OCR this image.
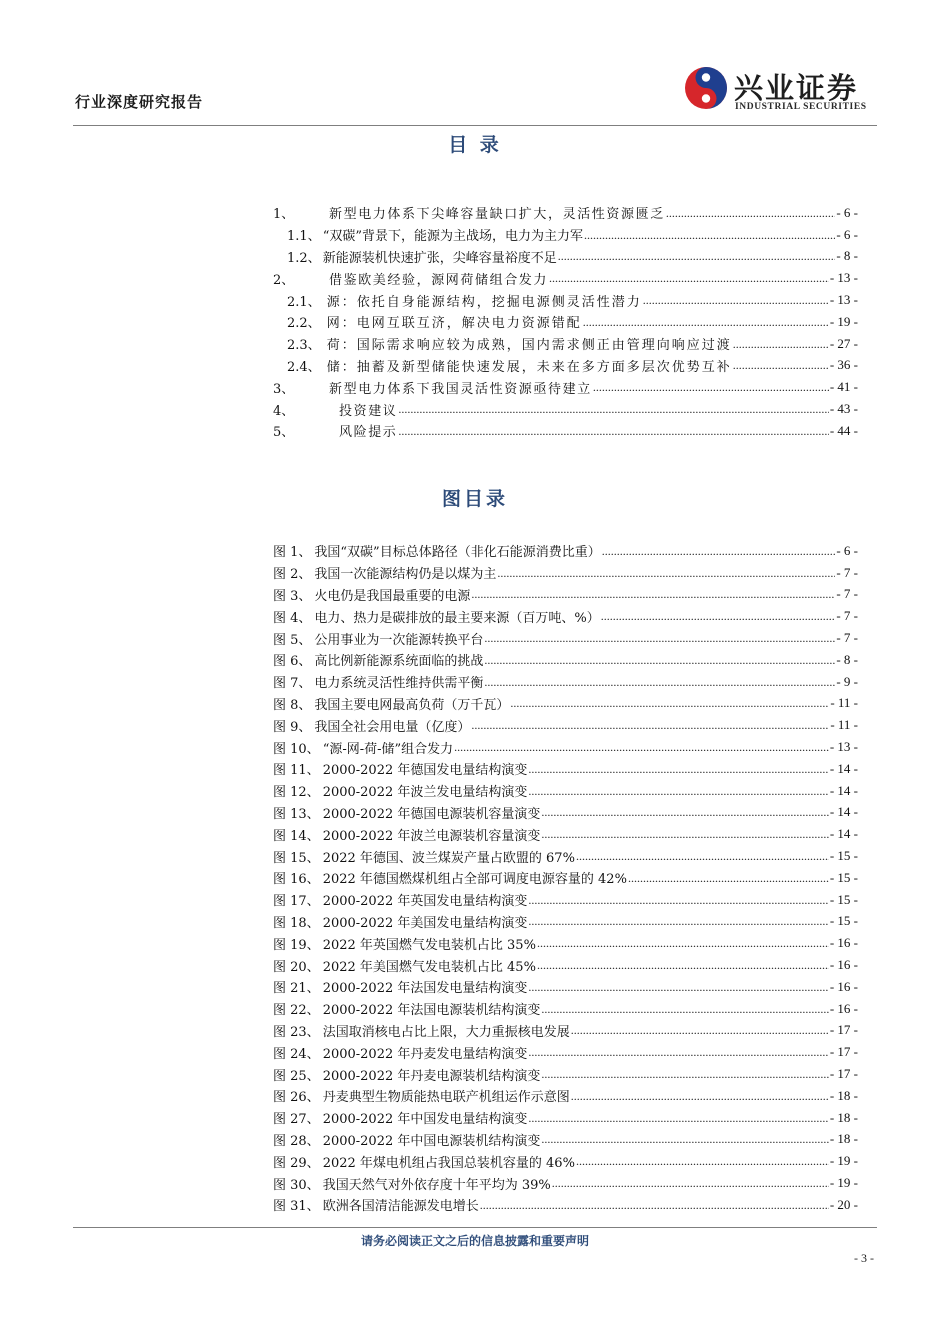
行业深度研究报告	兴业证券
INDUSTRIAL SECURITIES
目 录
1、	新型电力体系下尖峰容量缺口扩大，灵活性资源匮乏 .....	- 6 -
1.1、 “双碳”背景下，能源为主战场，电力为主力军 .....	- 6 -
1.2、 新能源装机快速扩张，尖峰容量裕度不足 .....	- 8 -
2、	借鉴欧美经验，源网荷储组合发力 .....	- 13 -
2.1、 源：依托自身能源结构，挖掘电源侧灵活性潜力 .....	- 13 -
2.2、 网：电网互联互济，解决电力资源错配 .....	- 19 -
2.3、 荷：国际需求响应较为成熟，国内需求侧正由管理向响应过渡 .....	- 27 -
2.4、 储：抽蓄及新型储能快速发展，未来在多方面多层次优势互补 .....	- 36 -
3、	新型电力体系下我国灵活性资源亟待建立 .....	- 41 -
4、	投资建议 .....	- 43 -
5、	风险提示 .....	- 44 -
图目录
图 1、 我国“双碳”目标总体路径（非化石能源消费比重） .....	- 6 -
图 2、 我国一次能源结构仍是以煤为主 .....	- 7 -
图 3、 火电仍是我国最重要的电源 .....	- 7 -
图 4、 电力、热力是碳排放的最主要来源（百万吨、%） .....	- 7 -
图 5、 公用事业为一次能源转换平台 .....	- 7 -
图 6、 高比例新能源系统面临的挑战 .....	- 8 -
图 7、 电力系统灵活性维持供需平衡 .....	- 9 -
图 8、 我国主要电网最高负荷（万千瓦） .....	- 11 -
图 9、 我国全社会用电量（亿度） .....	- 11 -
图 10、 “源-网-荷-储”组合发力 .....	- 13 -
图 11、 2000-2022 年德国发电量结构演变 .....	- 14 -
图 12、 2000-2022 年波兰发电量结构演变 .....	- 14 -
图 13、 2000-2022 年德国电源装机容量演变 .....	- 14 -
图 14、 2000-2022 年波兰电源装机容量演变 .....	- 14 -
图 15、 2022 年德国、波兰煤炭产量占欧盟的 67% .....	- 15 -
图 16、 2022 年德国燃煤机组占全部可调度电源容量的 42% .....	- 15 -
图 17、 2000-2022 年英国发电量结构演变 .....	- 15 -
图 18、 2000-2022 年美国发电量结构演变 .....	- 15 -
图 19、 2022 年英国燃气发电装机占比 35% .....	- 16 -
图 20、 2022 年美国燃气发电装机占比 45% .....	- 16 -
图 21、 2000-2022 年法国发电量结构演变 .....	- 16 -
图 22、 2000-2022 年法国电源装机结构演变 .....	- 16 -
图 23、 法国取消核电占比上限，大力重振核电发展 .....	- 17 -
图 24、 2000-2022 年丹麦发电量结构演变 .....	- 17 -
图 25、 2000-2022 年丹麦电源装机结构演变 .....	- 17 -
图 26、 丹麦典型生物质能热电联产机组运作示意图 .....	- 18 -
图 27、 2000-2022 年中国发电量结构演变 .....	- 18 -
图 28、 2000-2022 年中国电源装机结构演变 .....	- 18 -
图 29、 2022 年煤电机组占我国总装机容量的 46% .....	- 19 -
图 30、 我国天然气对外依存度十年平均为 39% .....	- 19 -
图 31、 欧洲各国清洁能源发电增长 .....	- 20 -
请务必阅读正文之后的信息披露和重要声明
- 3 -
